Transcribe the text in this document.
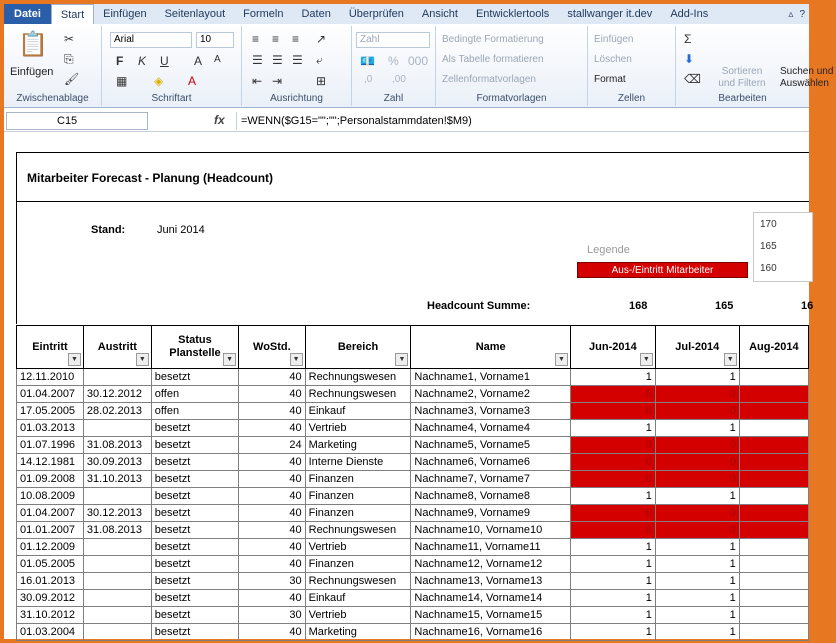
Datei	Start	Einfügen	Seitenlayout	Formeln	Daten	Überprüfen	Ansicht	Entwicklertools	stallwanger it.dev	Add-Ins	▵ ?
📋
Einfügen
✂
⎘
🖌
Zwischenablage
Arial	10
F K U A A
▦ ◈ A
Schriftart
≡ ≡ ≡ ↗
☰ ☰ ☰ ⤶
⇤ ⇥	⊞
Ausrichtung
Zahl
💶 % 000
,0 ,00
Zahl
Bedingte Formatierung
Als Tabelle formatieren
Zellenformatvorlagen
Formatvorlagen
Einfügen
Löschen
Format
Zellen
Σ
⬇
⌫
Sortieren und Filtern
Suchen und Auswählen
Bearbeiten
C15	fx	=WENN($G15="";"";Personalstammdaten!$M9)
Mitarbeiter Forecast - Planung (Headcount)
Stand:	Juni 2014
Legende
Aus-/Eintritt Mitarbeiter
170
165
160
Headcount Summe:	168	165	16
Eintritt
▼	Austritt
▼	Status Planstelle
▼	WoStd.
▼	Bereich
▼	Name
▼	Jun-2014
▼	Jul-2014
▼	Aug-2014
12.11.2010		besetzt	40	Rechnungswesen	Nachname1, Vorname1	1	1	
01.04.2007	30.12.2012	offen	40	Rechnungswesen	Nachname2, Vorname2	0	0	
17.05.2005	28.02.2013	offen	40	Einkauf	Nachname3, Vorname3	0	0	
01.03.2013		besetzt	40	Vertrieb	Nachname4, Vorname4	1	1	
01.07.1996	31.08.2013	besetzt	24	Marketing	Nachname5, Vorname5	0	0	
14.12.1981	30.09.2013	besetzt	40	Interne Dienste	Nachname6, Vorname6	0	0	
01.09.2008	31.10.2013	besetzt	40	Finanzen	Nachname7, Vorname7	0	0	
10.08.2009		besetzt	40	Finanzen	Nachname8, Vorname8	1	1	
01.04.2007	30.12.2013	besetzt	40	Finanzen	Nachname9, Vorname9	0	0	
01.01.2007	31.08.2013	besetzt	40	Rechnungswesen	Nachname10, Vorname10	0	0	
01.12.2009		besetzt	40	Vertrieb	Nachname11, Vorname11	1	1	
01.05.2005		besetzt	40	Finanzen	Nachname12, Vorname12	1	1	
16.01.2013		besetzt	30	Rechnungswesen	Nachname13, Vorname13	1	1	
30.09.2012		besetzt	40	Einkauf	Nachname14, Vorname14	1	1	
31.10.2012		besetzt	30	Vertrieb	Nachname15, Vorname15	1	1	
01.03.2004		besetzt	40	Marketing	Nachname16, Vorname16	1	1	
